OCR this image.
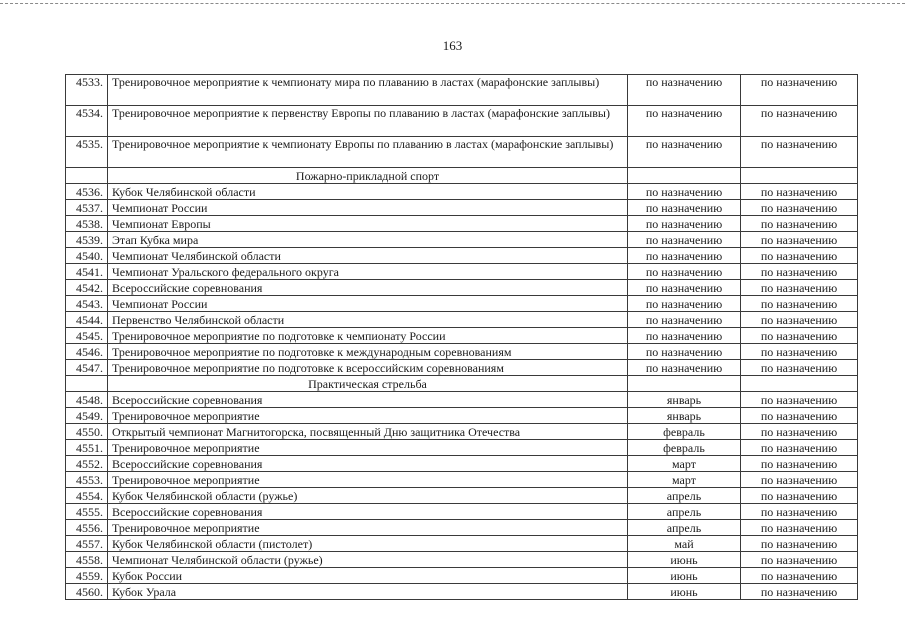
163
4533.	Тренировочное мероприятие к чемпионату мира по плаванию в ластах (марафонские заплывы)	по назначению	по назначению
4534.	Тренировочное мероприятие к первенству Европы по плаванию в ластах (марафонские заплывы)	по назначению	по назначению
4535.	Тренировочное мероприятие к чемпионату Европы по плаванию в ластах (марафонские заплывы)	по назначению	по назначению
	Пожарно-прикладной спорт		
4536.	Кубок Челябинской области	по назначению	по назначению
4537.	Чемпионат России	по назначению	по назначению
4538.	Чемпионат Европы	по назначению	по назначению
4539.	Этап Кубка мира	по назначению	по назначению
4540.	Чемпионат Челябинской области	по назначению	по назначению
4541.	Чемпионат Уральского федерального округа	по назначению	по назначению
4542.	Всероссийские соревнования	по назначению	по назначению
4543.	Чемпионат России	по назначению	по назначению
4544.	Первенство Челябинской области	по назначению	по назначению
4545.	Тренировочное мероприятие по подготовке к чемпионату России	по назначению	по назначению
4546.	Тренировочное мероприятие по подготовке к международным соревнованиям	по назначению	по назначению
4547.	Тренировочное мероприятие по подготовке к всероссийским соревнованиям	по назначению	по назначению
	Практическая стрельба		
4548.	Всероссийские соревнования	январь	по назначению
4549.	Тренировочное мероприятие	январь	по назначению
4550.	Открытый чемпионат Магнитогорска, посвященный Дню защитника Отечества	февраль	по назначению
4551.	Тренировочное мероприятие	февраль	по назначению
4552.	Всероссийские соревнования	март	по назначению
4553.	Тренировочное мероприятие	март	по назначению
4554.	Кубок Челябинской области (ружье)	апрель	по назначению
4555.	Всероссийские соревнования	апрель	по назначению
4556.	Тренировочное мероприятие	апрель	по назначению
4557.	Кубок Челябинской области (пистолет)	май	по назначению
4558.	Чемпионат Челябинской области (ружье)	июнь	по назначению
4559.	Кубок России	июнь	по назначению
4560.	Кубок Урала	июнь	по назначению
